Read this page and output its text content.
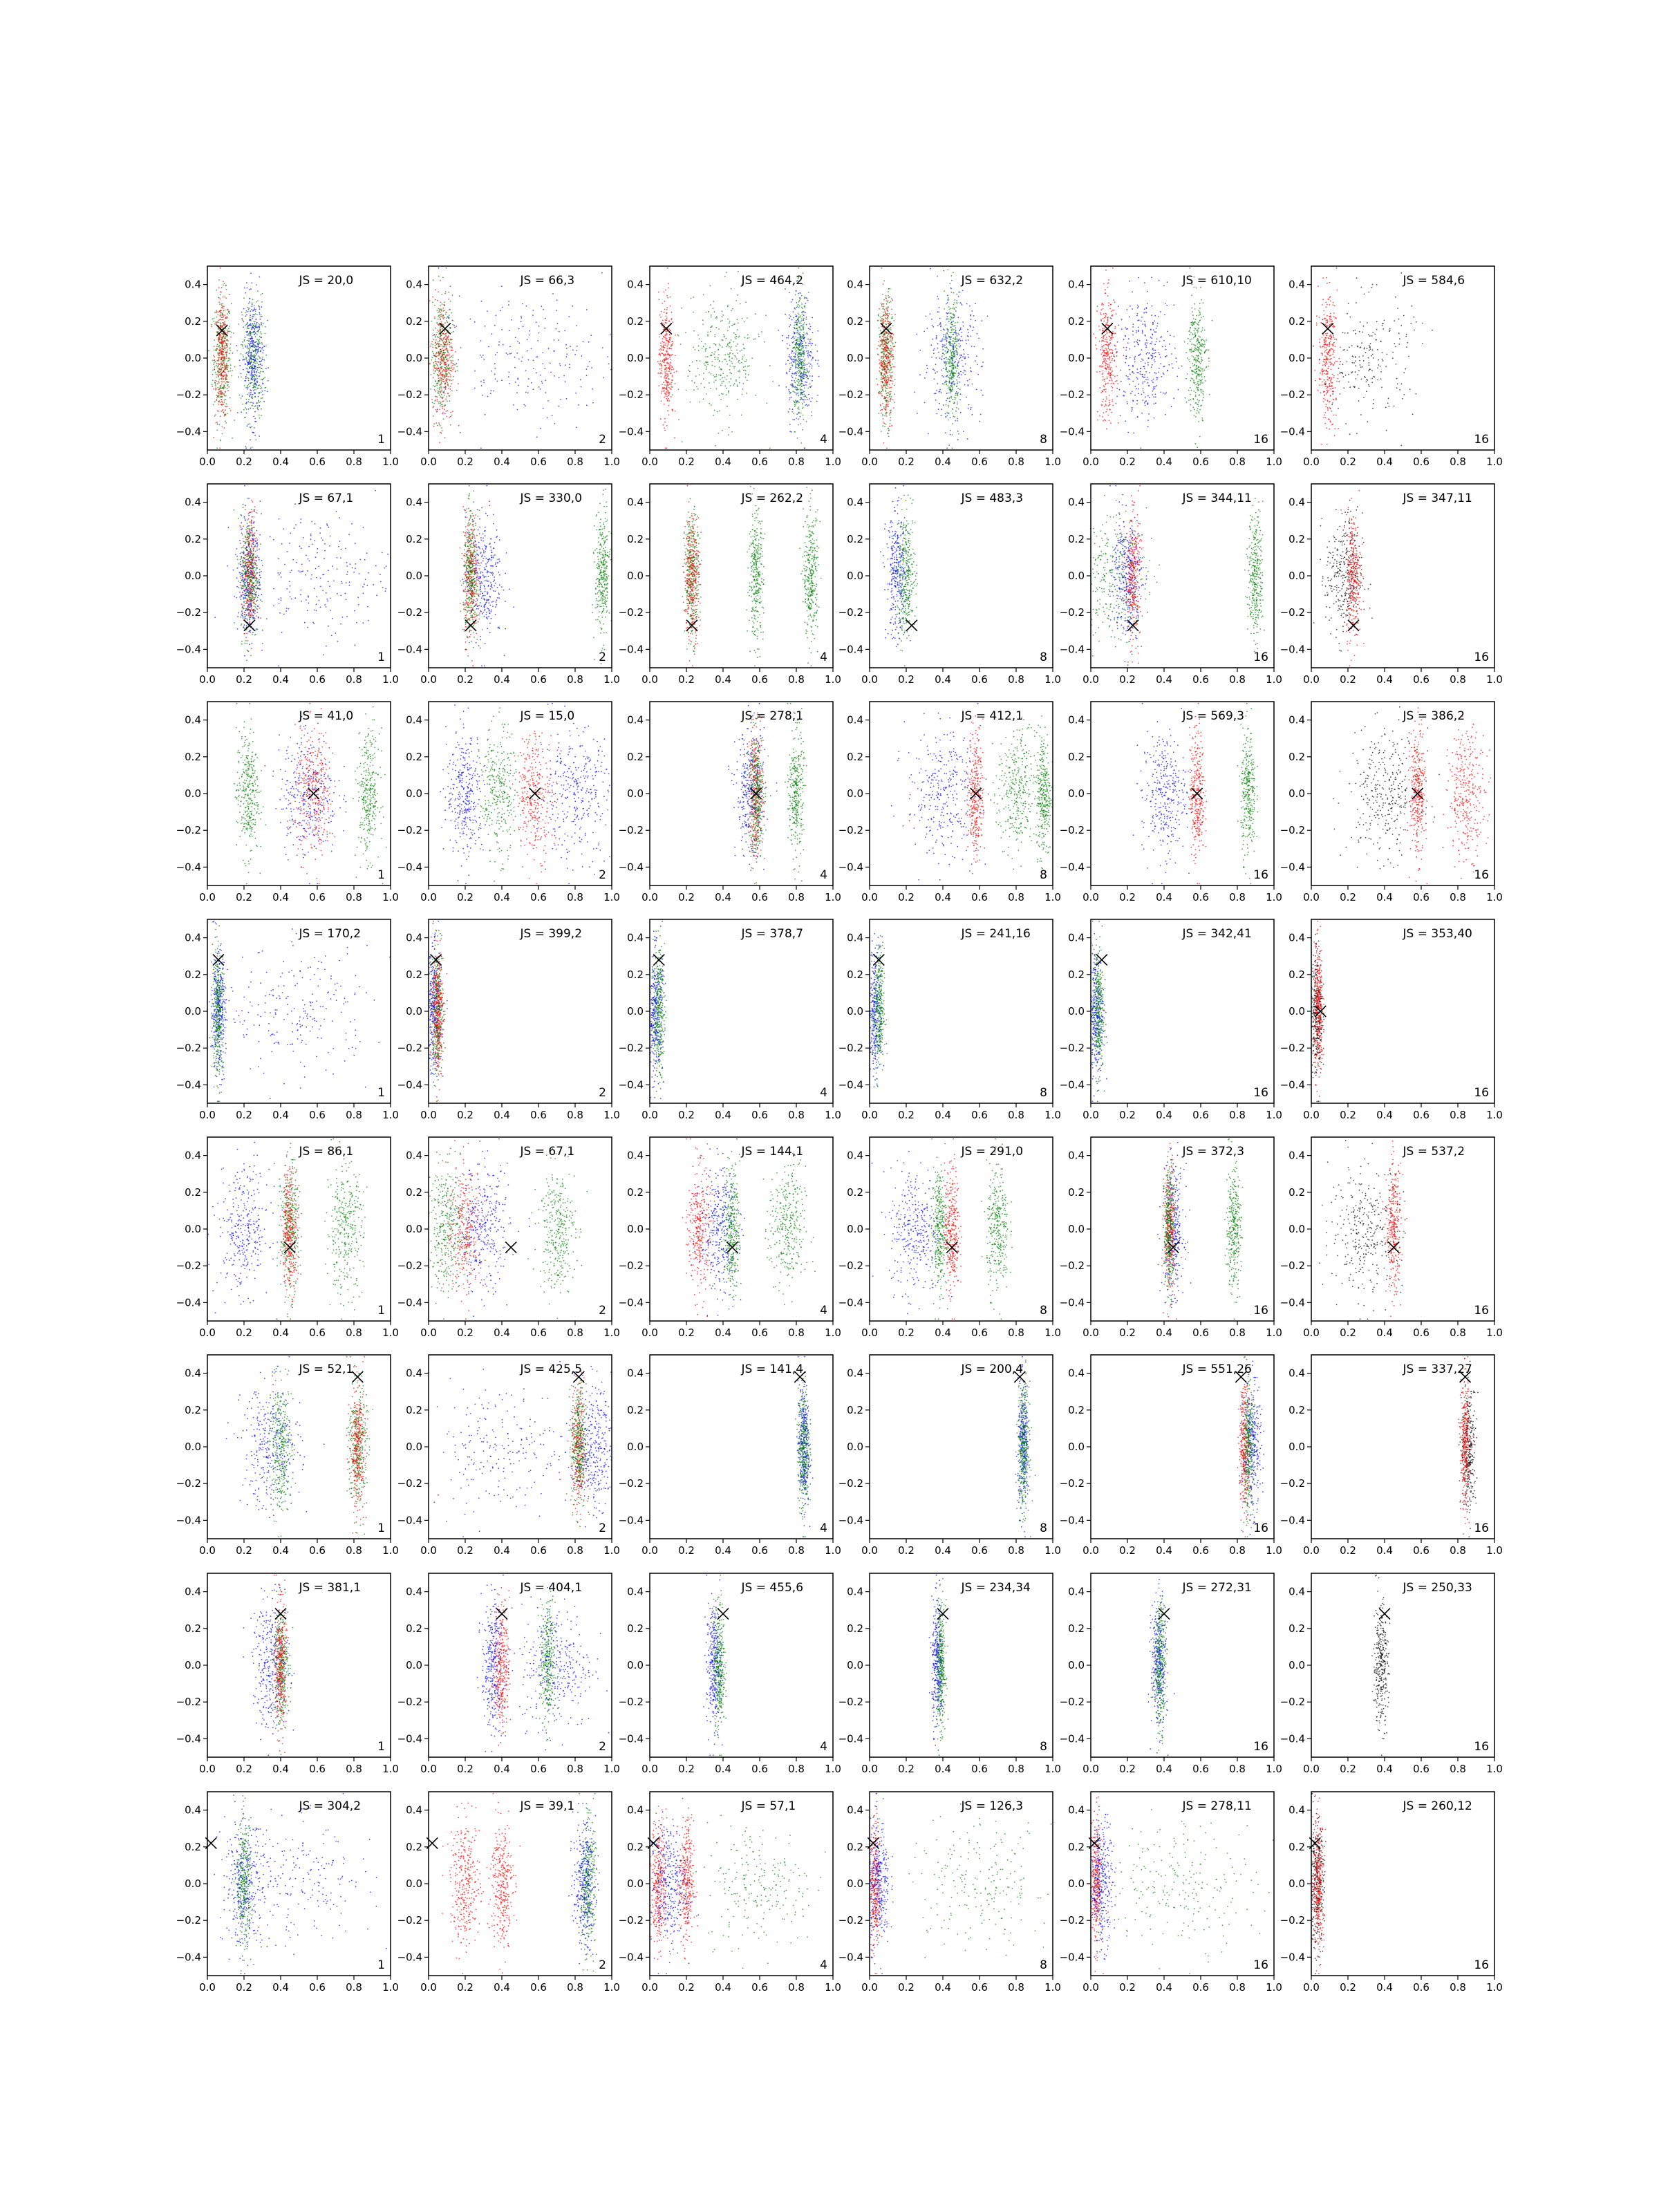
0.0 0.2 0.4 0.6 0.8 1.0
0.4
0.2
0.0
−0.2
−0.4
JS = 20,0
1
0.0 0.2 0.4 0.6 0.8 1.0
0.4
0.2
0.0
−0.2
−0.4
JS = 66,3
2
0.0 0.2 0.4 0.6 0.8 1.0
0.4
0.2
0.0
−0.2
−0.4
JS = 464,2
4
0.0 0.2 0.4 0.6 0.8 1.0
0.4
0.2
0.0
−0.2
−0.4
JS = 632,2
8
0.0 0.2 0.4 0.6 0.8 1.0
0.4
0.2
0.0
−0.2
−0.4
JS = 610,10
16
0.0 0.2 0.4 0.6 0.8 1.0
0.4
0.2
0.0
−0.2
−0.4
JS = 584,6
16
0.0 0.2 0.4 0.6 0.8 1.0
0.4
0.2
0.0
−0.2
−0.4
JS = 67,1
1
0.0 0.2 0.4 0.6 0.8 1.0
0.4
0.2
0.0
−0.2
−0.4
JS = 330,0
2
0.0 0.2 0.4 0.6 0.8 1.0
0.4
0.2
0.0
−0.2
−0.4
JS = 262,2
4
0.0 0.2 0.4 0.6 0.8 1.0
0.4
0.2
0.0
−0.2
−0.4
JS = 483,3
8
0.0 0.2 0.4 0.6 0.8 1.0
0.4
0.2
0.0
−0.2
−0.4
JS = 344,11
16
0.0 0.2 0.4 0.6 0.8 1.0
0.4
0.2
0.0
−0.2
−0.4
JS = 347,11
16
0.0 0.2 0.4 0.6 0.8 1.0
0.4
0.2
0.0
−0.2
−0.4
JS = 41,0
1
0.0 0.2 0.4 0.6 0.8 1.0
0.4
0.2
0.0
−0.2
−0.4
JS = 15,0
2
0.0 0.2 0.4 0.6 0.8 1.0
0.4
0.2
0.0
−0.2
−0.4
JS = 278,1
4
0.0 0.2 0.4 0.6 0.8 1.0
0.4
0.2
0.0
−0.2
−0.4
JS = 412,1
8
0.0 0.2 0.4 0.6 0.8 1.0
0.4
0.2
0.0
−0.2
−0.4
JS = 569,3
16
0.0 0.2 0.4 0.6 0.8 1.0
0.4
0.2
0.0
−0.2
−0.4
JS = 386,2
16
0.0 0.2 0.4 0.6 0.8 1.0
0.4
0.2
0.0
−0.2
−0.4
JS = 170,2
1
0.0 0.2 0.4 0.6 0.8 1.0
0.4
0.2
0.0
−0.2
−0.4
JS = 399,2
2
0.0 0.2 0.4 0.6 0.8 1.0
0.4
0.2
0.0
−0.2
−0.4
JS = 378,7
4
0.0 0.2 0.4 0.6 0.8 1.0
0.4
0.2
0.0
−0.2
−0.4
JS = 241,16
8
0.0 0.2 0.4 0.6 0.8 1.0
0.4
0.2
0.0
−0.2
−0.4
JS = 342,41
16
0.0 0.2 0.4 0.6 0.8 1.0
0.4
0.2
0.0
−0.2
−0.4
JS = 353,40
16
0.0 0.2 0.4 0.6 0.8 1.0
0.4
0.2
0.0
−0.2
−0.4
JS = 86,1
1
0.0 0.2 0.4 0.6 0.8 1.0
0.4
0.2
0.0
−0.2
−0.4
JS = 67,1
2
0.0 0.2 0.4 0.6 0.8 1.0
0.4
0.2
0.0
−0.2
−0.4
JS = 144,1
4
0.0 0.2 0.4 0.6 0.8 1.0
0.4
0.2
0.0
−0.2
−0.4
JS = 291,0
8
0.0 0.2 0.4 0.6 0.8 1.0
0.4
0.2
0.0
−0.2
−0.4
JS = 372,3
16
0.0 0.2 0.4 0.6 0.8 1.0
0.4
0.2
0.0
−0.2
−0.4
JS = 537,2
16
0.0 0.2 0.4 0.6 0.8 1.0
0.4
0.2
0.0
−0.2
−0.4
JS = 52,1
1
0.0 0.2 0.4 0.6 0.8 1.0
0.4
0.2
0.0
−0.2
−0.4
JS = 425,5
2
0.0 0.2 0.4 0.6 0.8 1.0
0.4
0.2
0.0
−0.2
−0.4
JS = 141,4
4
0.0 0.2 0.4 0.6 0.8 1.0
0.4
0.2
0.0
−0.2
−0.4
JS = 200,4
8
0.0 0.2 0.4 0.6 0.8 1.0
0.4
0.2
0.0
−0.2
−0.4
JS = 551,26
16
0.0 0.2 0.4 0.6 0.8 1.0
0.4
0.2
0.0
−0.2
−0.4
JS = 337,27
16
0.0 0.2 0.4 0.6 0.8 1.0
0.4
0.2
0.0
−0.2
−0.4
JS = 381,1
1
0.0 0.2 0.4 0.6 0.8 1.0
0.4
0.2
0.0
−0.2
−0.4
JS = 404,1
2
0.0 0.2 0.4 0.6 0.8 1.0
0.4
0.2
0.0
−0.2
−0.4
JS = 455,6
4
0.0 0.2 0.4 0.6 0.8 1.0
0.4
0.2
0.0
−0.2
−0.4
JS = 234,34
8
0.0 0.2 0.4 0.6 0.8 1.0
0.4
0.2
0.0
−0.2
−0.4
JS = 272,31
16
0.0 0.2 0.4 0.6 0.8 1.0
0.4
0.2
0.0
−0.2
−0.4
JS = 250,33
16
0.0 0.2 0.4 0.6 0.8 1.0
0.4
0.2
0.0
−0.2
−0.4
JS = 304,2
1
0.0 0.2 0.4 0.6 0.8 1.0
0.4
0.2
0.0
−0.2
−0.4
JS = 39,1
2
0.0 0.2 0.4 0.6 0.8 1.0
0.4
0.2
0.0
−0.2
−0.4
JS = 57,1
4
0.0 0.2 0.4 0.6 0.8 1.0
0.4
0.2
0.0
−0.2
−0.4
JS = 126,3
8
0.0 0.2 0.4 0.6 0.8 1.0
0.4
0.2
0.0
−0.2
−0.4
JS = 278,11
16
0.0 0.2 0.4 0.6 0.8 1.0
0.4
0.2
0.0
−0.2
−0.4
JS = 260,12
16
